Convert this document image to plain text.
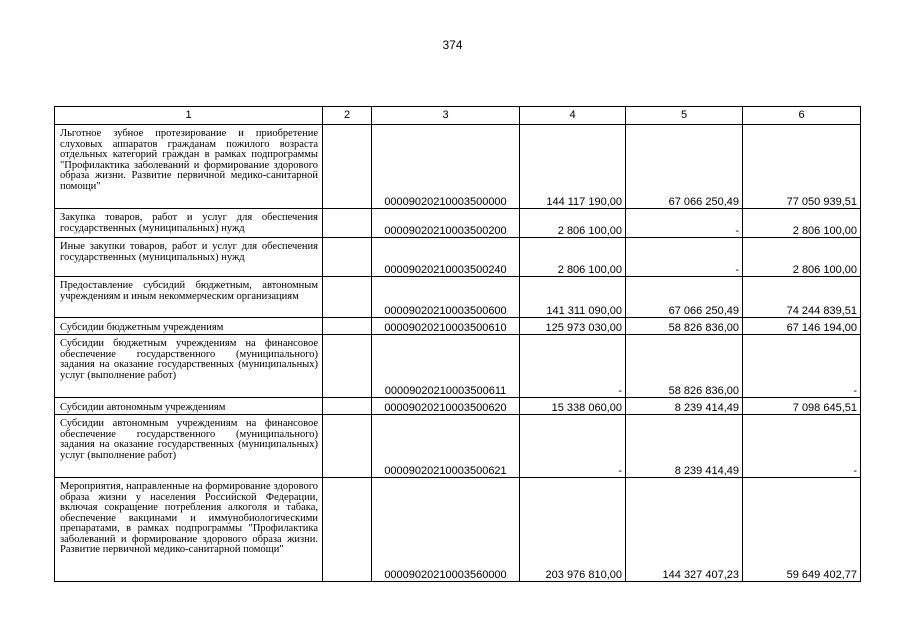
374
1	2	3	4	5	6
Льготное зубное протезирование и приобретение слуховых аппаратов гражданам пожилого возраста отдельных категорий граждан в рамках подпрограммы "Профилактика заболеваний и формирование здорового образа жизни. Развитие первичной медико-санитарной помощи"		00009020210003500000	144 117 190,00	67 066 250,49	77 050 939,51
Закупка товаров, работ и услуг для обеспечения государственных (муниципальных) нужд		00009020210003500200	2 806 100,00	-	2 806 100,00
Иные закупки товаров, работ и услуг для обеспечения государственных (муниципальных) нужд		00009020210003500240	2 806 100,00	-	2 806 100,00
Предоставление субсидий бюджетным, автономным учреждениям и иным некоммерческим организациям		00009020210003500600	141 311 090,00	67 066 250,49	74 244 839,51
Субсидии бюджетным учреждениям		00009020210003500610	125 973 030,00	58 826 836,00	67 146 194,00
Субсидии бюджетным учреждениям на финансовое обеспечение государственного (муниципального) задания на оказание государственных (муниципальных) услуг (выполнение работ)		00009020210003500611	-	58 826 836,00	-
Субсидии автономным учреждениям		00009020210003500620	15 338 060,00	8 239 414,49	7 098 645,51
Субсидии автономным учреждениям на финансовое обеспечение государственного (муниципального) задания на оказание государственных (муниципальных) услуг (выполнение работ)		00009020210003500621	-	8 239 414,49	-
Мероприятия, направленные на формирование здорового образа жизни у населения Российской Федерации, включая сокращение потребления алкоголя и табака, обеспечение вакцинами и иммунобиологическими препаратами, в рамках подпрограммы "Профилактика заболеваний и формирование здорового образа жизни. Развитие первичной медико-санитарной помощи"		00009020210003560000	203 976 810,00	144 327 407,23	59 649 402,77
